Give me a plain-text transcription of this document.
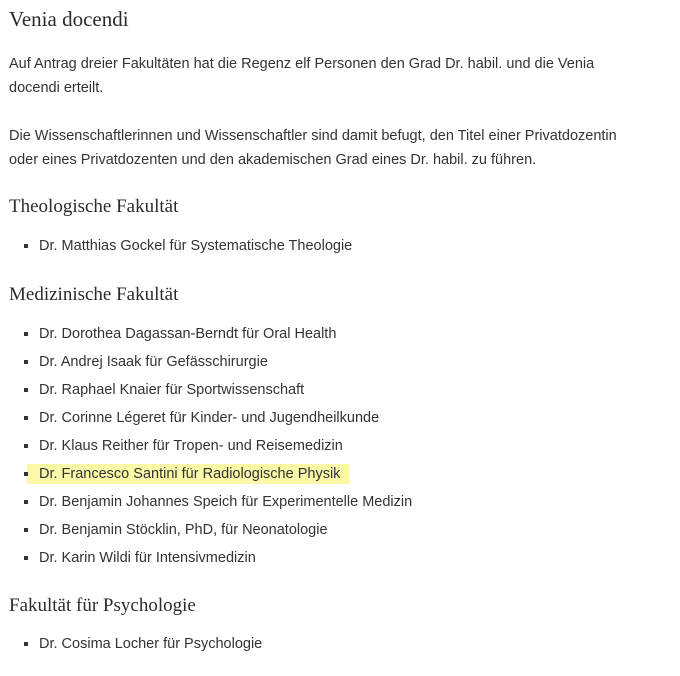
Venia docendi

Auf Antrag dreier Fakultäten hat die Regenz elf Personen den Grad Dr. habil. und die Venia docendi erteilt.

Die Wissenschaftlerinnen und Wissenschaftler sind damit befugt, den Titel einer Privatdozentin oder eines Privatdozenten und den akademischen Grad eines Dr. habil. zu führen.

Theologische Fakultät
Dr. Matthias Gockel für Systematische Theologie
Medizinische Fakultät
Dr. Dorothea Dagassan-Berndt für Oral Health
Dr. Andrej Isaak für Gefässchirurgie
Dr. Raphael Knaier für Sportwissenschaft
Dr. Corinne Légeret für Kinder- und Jugendheilkunde
Dr. Klaus Reither für Tropen- und Reisemedizin
Dr. Francesco Santini für Radiologische Physik
Dr. Benjamin Johannes Speich für Experimentelle Medizin
Dr. Benjamin Stöcklin, PhD, für Neonatologie
Dr. Karin Wildi für Intensivmedizin
Fakultät für Psychologie
Dr. Cosima Locher für Psychologie
